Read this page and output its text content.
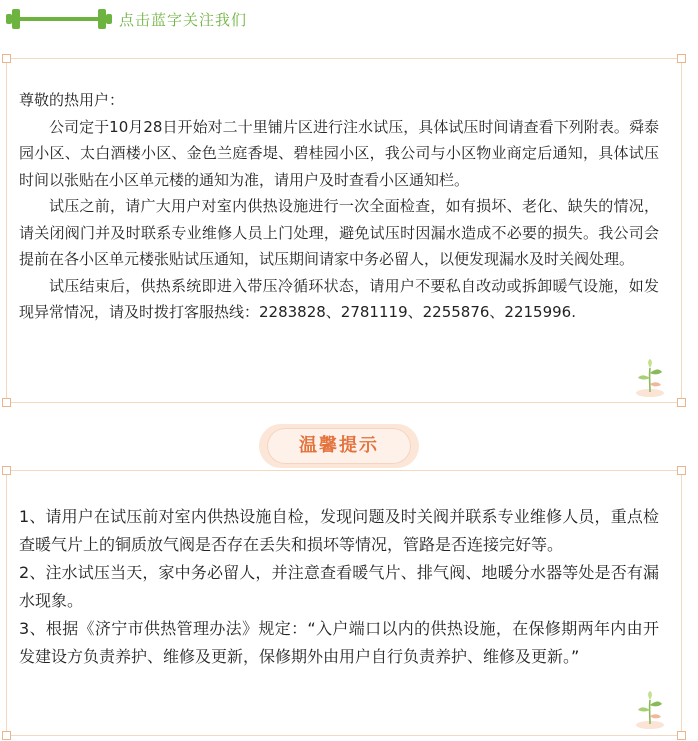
点击蓝字关注我们

尊敬的热用户：

公司定于10月28日开始对二十里铺片区进行注水试压，具体试压时间请查看下列附表。舜泰园小区、太白酒楼小区、金色兰庭香堤、碧桂园小区，我公司与小区物业商定后通知，具体试压时间以张贴在小区单元楼的通知为准，请用户及时查看小区通知栏。

试压之前，请广大用户对室内供热设施进行一次全面检查，如有损坏、老化、缺失的情况，请关闭阀门并及时联系专业维修人员上门处理，避免试压时因漏水造成不必要的损失。我公司会提前在各小区单元楼张贴试压通知，试压期间请家中务必留人，以便发现漏水及时关阀处理。

试压结束后，供热系统即进入带压冷循环状态，请用户不要私自改动或拆卸暖气设施，如发现异常情况，请及时拨打客服热线：2283828、2781119、2255876、2215996.

温馨提示

1、请用户在试压前对室内供热设施自检，发现问题及时关阀并联系专业维修人员，重点检查暖气片上的铜质放气阀是否存在丢失和损坏等情况，管路是否连接完好等。

2、注水试压当天，家中务必留人，并注意查看暖气片、排气阀、地暖分水器等处是否有漏水现象。

3、根据《济宁市供热管理办法》规定：“入户端口以内的供热设施，在保修期两年内由开发建设方负责养护、维修及更新，保修期外由用户自行负责养护、维修及更新。”
